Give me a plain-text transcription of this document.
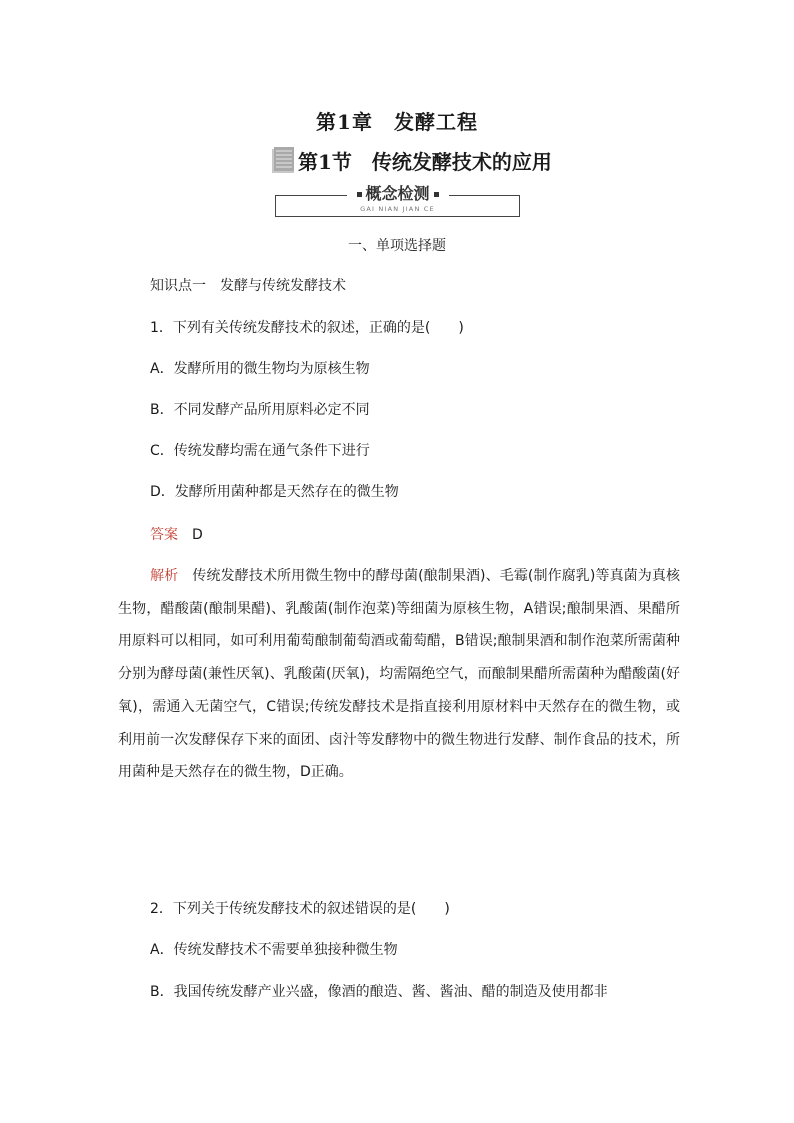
第1章　发酵工程
第1节　传统发酵技术的应用
概念检测
GAI NIAN JIAN CE
一、单项选择题
知识点一　发酵与传统发酵技术
1．下列有关传统发酵技术的叙述，正确的是(　　)
A．发酵所用的微生物均为原核生物
B．不同发酵产品所用原料必定不同
C．传统发酵均需在通气条件下进行
D．发酵所用菌种都是天然存在的微生物
答案　 D
解析　 传统发酵技术所用微生物中的酵母菌(酿制果酒)、毛霉(制作腐乳)等真菌为真核生物，醋酸菌(酿制果醋)、乳酸菌(制作泡菜)等细菌为原核生物，A错误;酿制果酒、果醋所用原料可以相同，如可利用葡萄酿制葡萄酒或葡萄醋，B错误;酿制果酒和制作泡菜所需菌种分别为酵母菌(兼性厌氧)、乳酸菌(厌氧)，均需隔绝空气，而酿制果醋所需菌种为醋酸菌(好氧)，需通入无菌空气，C错误;传统发酵技术是指直接利用原材料中天然存在的微生物，或利用前一次发酵保存下来的面团、卤汁等发酵物中的微生物进行发酵、制作食品的技术，所用菌种是天然存在的微生物，D正确。
2．下列关于传统发酵技术的叙述错误的是(　　)
A．传统发酵技术不需要单独接种微生物
B．我国传统发酵产业兴盛，像酒的酿造、酱、酱油、醋的制造及使用都非
